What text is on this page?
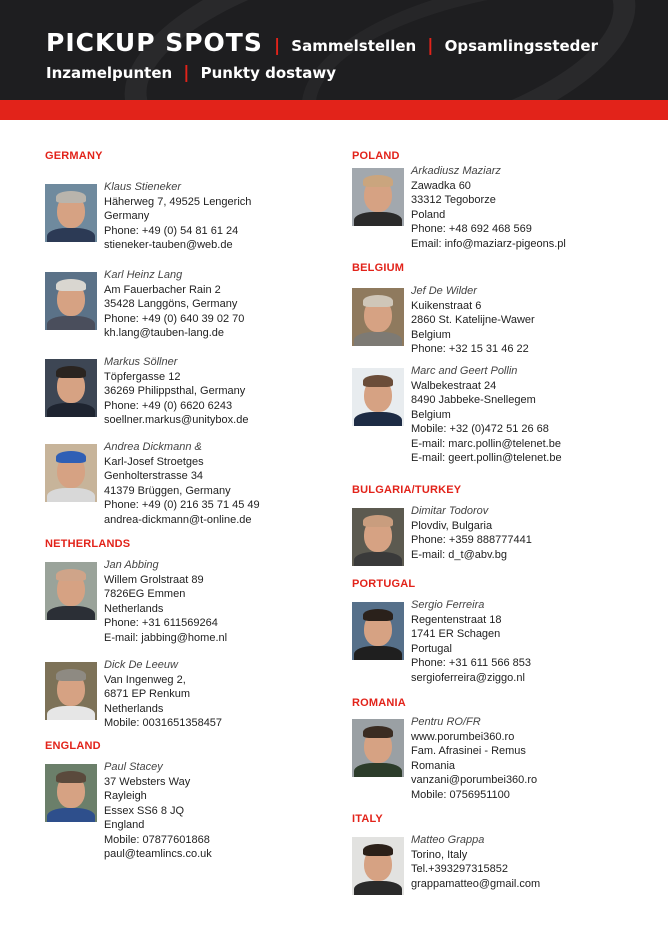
PICKUP SPOTS | Sammelstellen | Opsamlingssteder
Inzamelpunten | Punkty dostawy
GERMANY
Klaus Stieneker
Häherweg 7, 49525 Lengerich
Germany
Phone: +49 (0) 54 81 61 24
stieneker-tauben@web.de
Karl Heinz Lang
Am Fauerbacher Rain 2
35428 Langgöns, Germany
Phone: +49 (0) 640 39 02 70
kh.lang@tauben-lang.de
Markus Söllner
Töpfergasse 12
36269 Philippsthal, Germany
Phone: +49 (0) 6620 6243
soellner.markus@unitybox.de
Andrea Dickmann &
Karl-Josef Stroetges
Genholterstrasse 34
41379 Brüggen, Germany
Phone: +49 (0) 216 35 71 45 49
andrea-dickmann@t-online.de
NETHERLANDS
Jan Abbing
Willem Grolstraat 89
7826EG Emmen
Netherlands
Phone: +31 611569264
E-mail: jabbing@home.nl
Dick De Leeuw
Van Ingenweg 2,
6871 EP Renkum
Netherlands
Mobile: 0031651358457
ENGLAND
Paul Stacey
37 Websters Way
Rayleigh
Essex SS6 8 JQ
England
Mobile: 07877601868
paul@teamlincs.co.uk
POLAND
Arkadiusz Maziarz
Zawadka 60
33312 Tegoborze
Poland
Phone: +48 692 468 569
Email: info@maziarz-pigeons.pl
BELGIUM
Jef De Wilder
Kuikenstraat 6
2860 St. Katelijne-Wawer
Belgium
Phone: +32 15 31 46 22
Marc and Geert Pollin
Walbekestraat 24
8490 Jabbeke-Snellegem
Belgium
Mobile: +32 (0)472 51 26 68
E-mail: marc.pollin@telenet.be
E-mail: geert.pollin@telenet.be
BULGARIA/TURKEY
Dimitar Todorov
Plovdiv, Bulgaria
Phone: +359 888777441
E-mail: d_t@abv.bg
PORTUGAL
Sergio Ferreira
Regentenstraat 18
1741 ER Schagen
Portugal
Phone: +31 611 566 853
sergioferreira@ziggo.nl
ROMANIA
Pentru RO/FR
www.porumbei360.ro
Fam. Afrasinei - Remus
Romania
vanzani@porumbei360.ro
Mobile: 0756951100
ITALY
Matteo Grappa
Torino, Italy
Tel.+393297315852
grappamatteo@gmail.com
